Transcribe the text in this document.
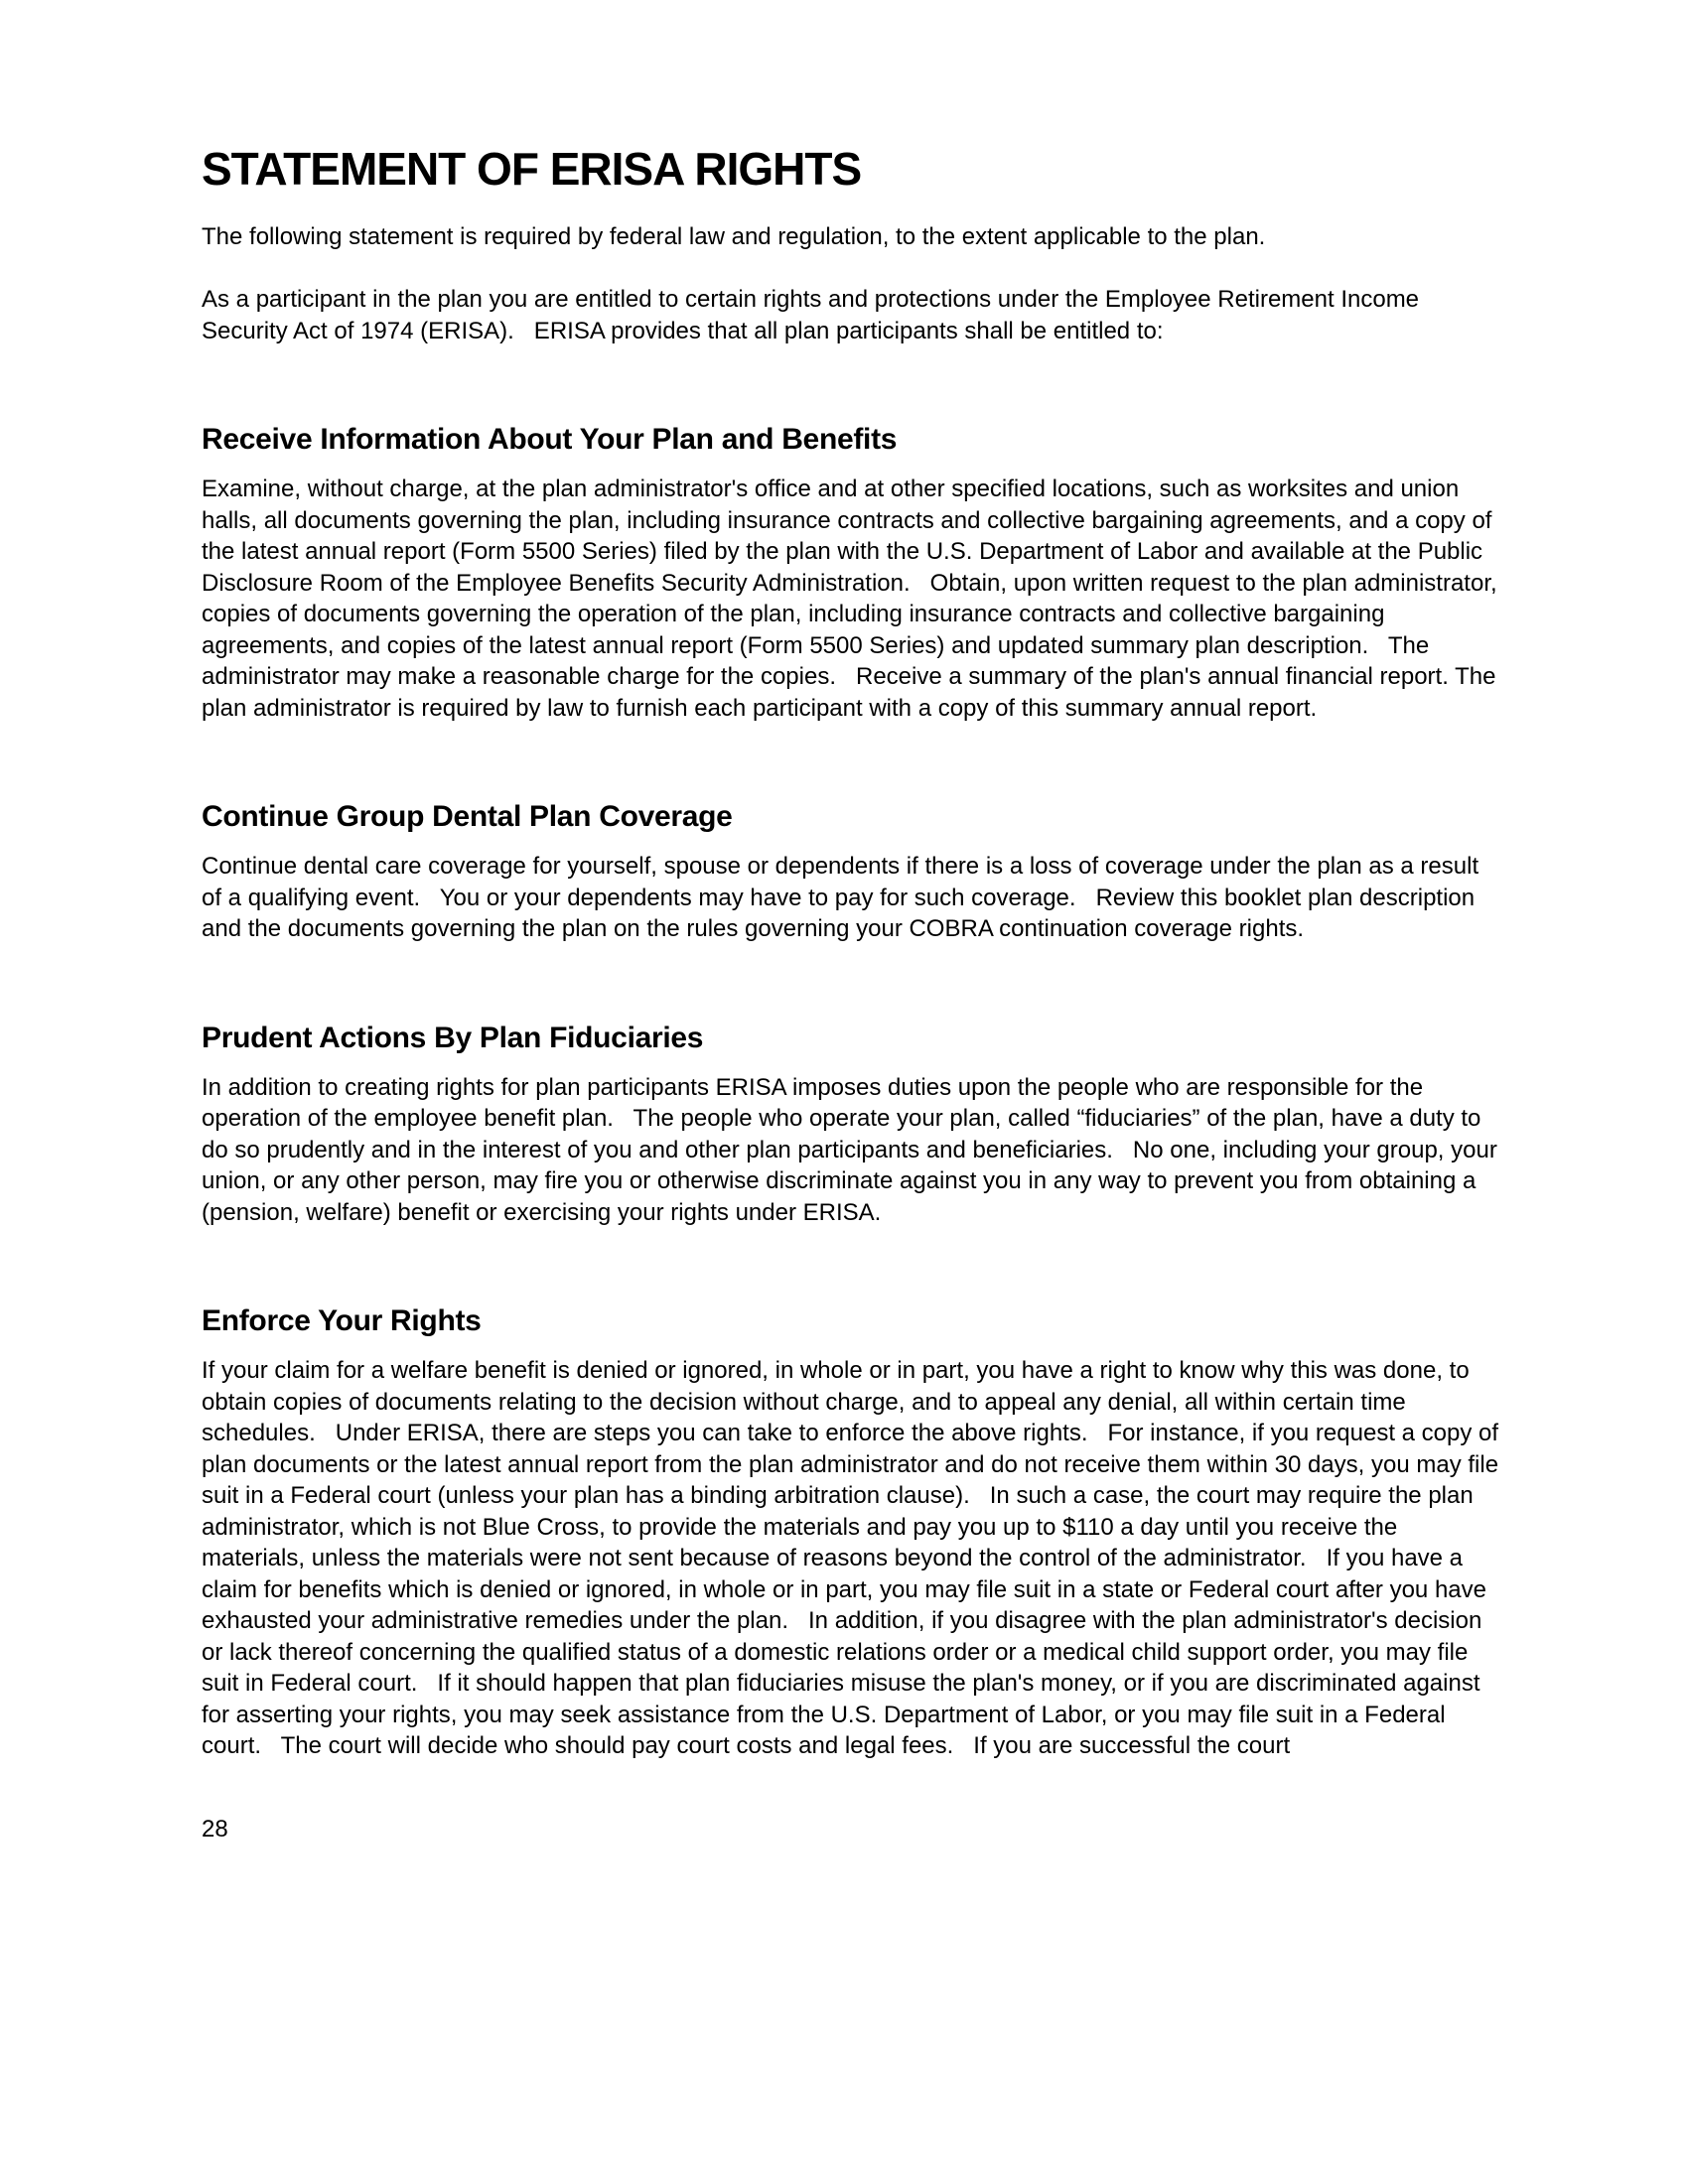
STATEMENT OF ERISA RIGHTS

The following statement is required by federal law and regulation, to the extent applicable to the plan.

As a participant in the plan you are entitled to certain rights and protections under the Employee Retirement Income Security Act of 1974 (ERISA).   ERISA provides that all plan participants shall be entitled to:

Receive Information About Your Plan and Benefits

Examine, without charge, at the plan administrator's office and at other specified locations, such as worksites and union halls, all documents governing the plan, including insurance contracts and collective bargaining agreements, and a copy of the latest annual report (Form 5500 Series) filed by the plan with the U.S. Department of Labor and available at the Public Disclosure Room of the Employee Benefits Security Administration.   Obtain, upon written request to the plan administrator, copies of documents governing the operation of the plan, including insurance contracts and collective bargaining agreements, and copies of the latest annual report (Form 5500 Series) and updated summary plan description.   The administrator may make a reasonable charge for the copies.   Receive a summary of the plan's annual financial report. The plan administrator is required by law to furnish each participant with a copy of this summary annual report.

Continue Group Dental Plan Coverage

Continue dental care coverage for yourself, spouse or dependents if there is a loss of coverage under the plan as a result of a qualifying event.   You or your dependents may have to pay for such coverage.   Review this booklet plan description and the documents governing the plan on the rules governing your COBRA continuation coverage rights.

Prudent Actions By Plan Fiduciaries

In addition to creating rights for plan participants ERISA imposes duties upon the people who are responsible for the operation of the employee benefit plan.   The people who operate your plan, called “fiduciaries” of the plan, have a duty to do so prudently and in the interest of you and other plan participants and beneficiaries.   No one, including your group, your union, or any other person, may fire you or otherwise discriminate against you in any way to prevent you from obtaining a (pension, welfare) benefit or exercising your rights under ERISA.

Enforce Your Rights

If your claim for a welfare benefit is denied or ignored, in whole or in part, you have a right to know why this was done, to obtain copies of documents relating to the decision without charge, and to appeal any denial, all within certain time schedules.   Under ERISA, there are steps you can take to enforce the above rights.   For instance, if you request a copy of plan documents or the latest annual report from the plan administrator and do not receive them within 30 days, you may file suit in a Federal court (unless your plan has a binding arbitration clause).   In such a case, the court may require the plan administrator, which is not Blue Cross, to provide the materials and pay you up to $110 a day until you receive the materials, unless the materials were not sent because of reasons beyond the control of the administrator.   If you have a claim for benefits which is denied or ignored, in whole or in part, you may file suit in a state or Federal court after you have exhausted your administrative remedies under the plan.   In addition, if you disagree with the plan administrator's decision or lack thereof concerning the qualified status of a domestic relations order or a medical child support order, you may file suit in Federal court.   If it should happen that plan fiduciaries misuse the plan's money, or if you are discriminated against for asserting your rights, you may seek assistance from the U.S. Department of Labor, or you may file suit in a Federal court.   The court will decide who should pay court costs and legal fees.   If you are successful the court

28
